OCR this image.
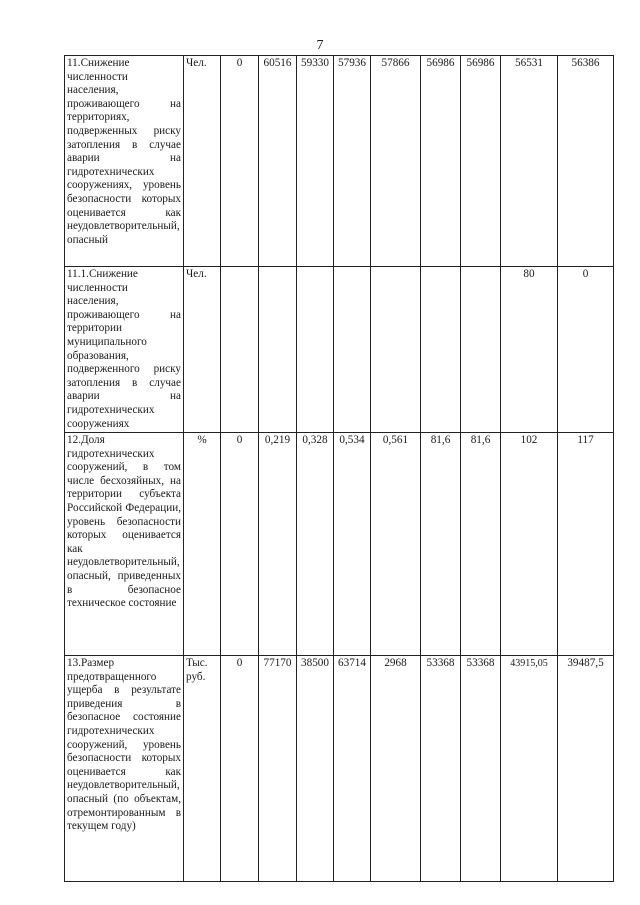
7
11.Снижение численности населения, проживающего на территориях, подверженных риску затопления в случае аварии на гидротехнических сооружениях, уровень безопасности которых оценивается как неудовлетворительный, опасный	Чел.	0	60516	59330	57936	57866	56986	56986	56531	56386
11.1.Снижение численности населения, проживающего на территории муниципального образования, подверженного риску затопления в случае аварии на гидротехнических сооружениях	Чел.								80	0
12.Доля гидротехнических сооружений, в том числе бесхозяйных, на территории субъекта Российской Федерации, уровень безопасности которых оценивается как неудовлетворительный, опасный, приведенных в безопасное техническое состояние	%	0	0,219	0,328	0,534	0,561	81,6	81,6	102	117
13.Размер предотвращенного ущерба в результате приведения в безопасное состояние гидротехнических сооружений, уровень безопасности которых оценивается как неудовлетворительный, опасный (по объектам, отремонтированным в текущем году)	Тыс. руб.	0	77170	38500	63714	2968	53368	53368	43915,05	39487,5
